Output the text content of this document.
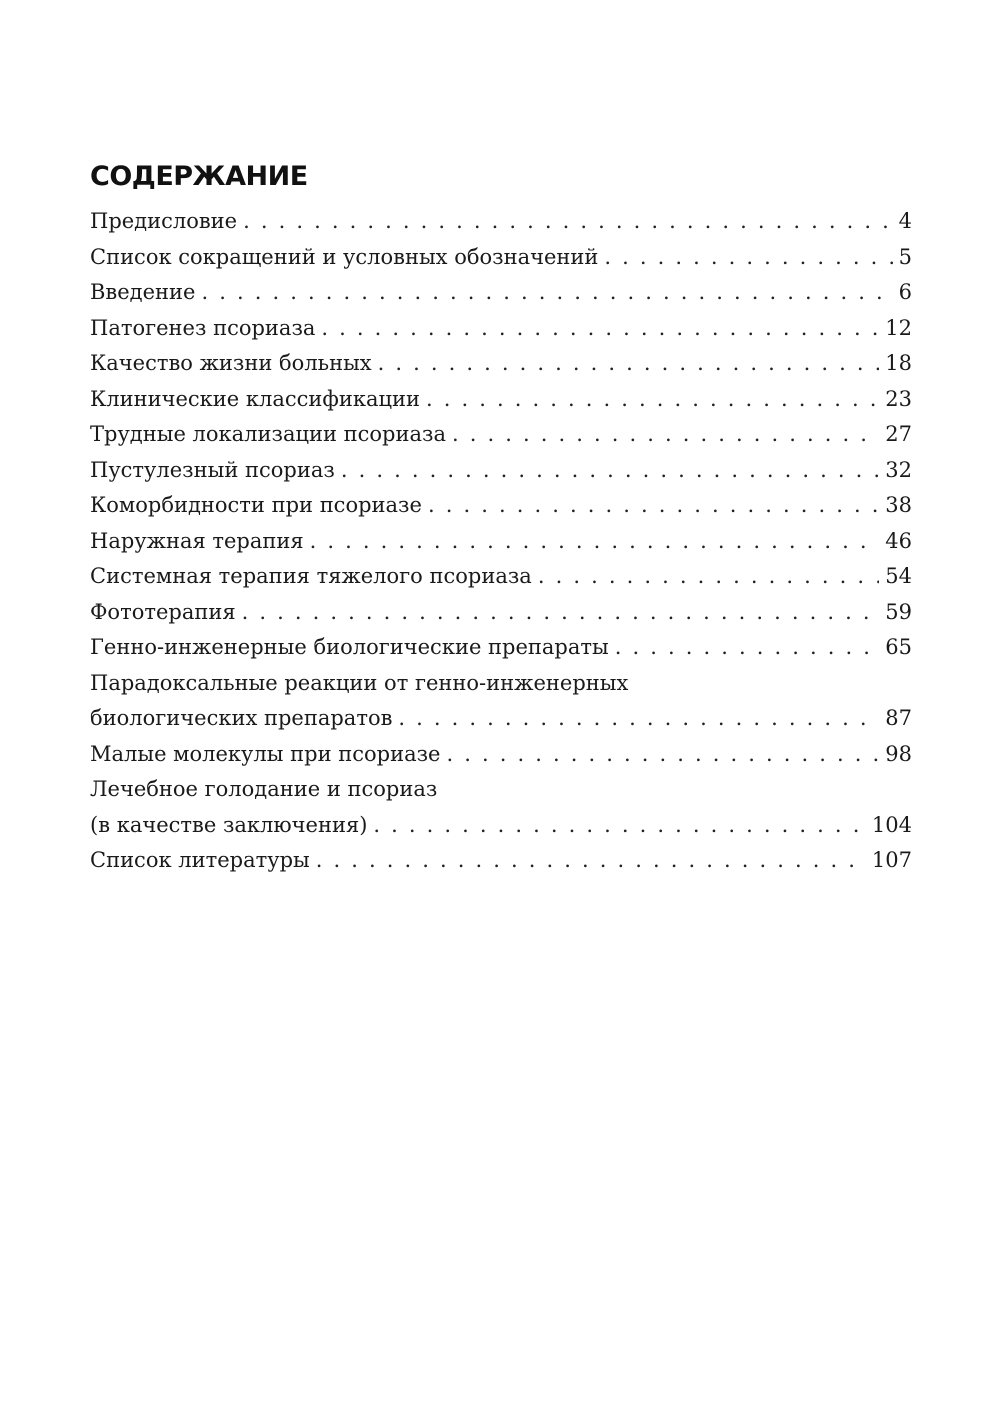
СОДЕРЖАНИЕ
Предисловие . . .	4
Список сокращений и условных обозначений . . .	5
Введение . . .	6
Патогенез псориаза . . .	12
Качество жизни больных . . .	18
Клинические классификации . . .	23
Трудные локализации псориаза . . .	27
Пустулезный псориаз . . .	32
Коморбидности при псориазе . . .	38
Наружная терапия . . .	46
Системная терапия тяжелого псориаза . . .	54
Фототерапия . . .	59
Генно-инженерные биологические препараты . . .	65
Парадоксальные реакции от генно-инженерных
биологических препаратов . . .	87
Малые молекулы при псориазе . . .	98
Лечебное голодание и псориаз
(в качестве заключения) . . .	104
Список литературы . . .	107
